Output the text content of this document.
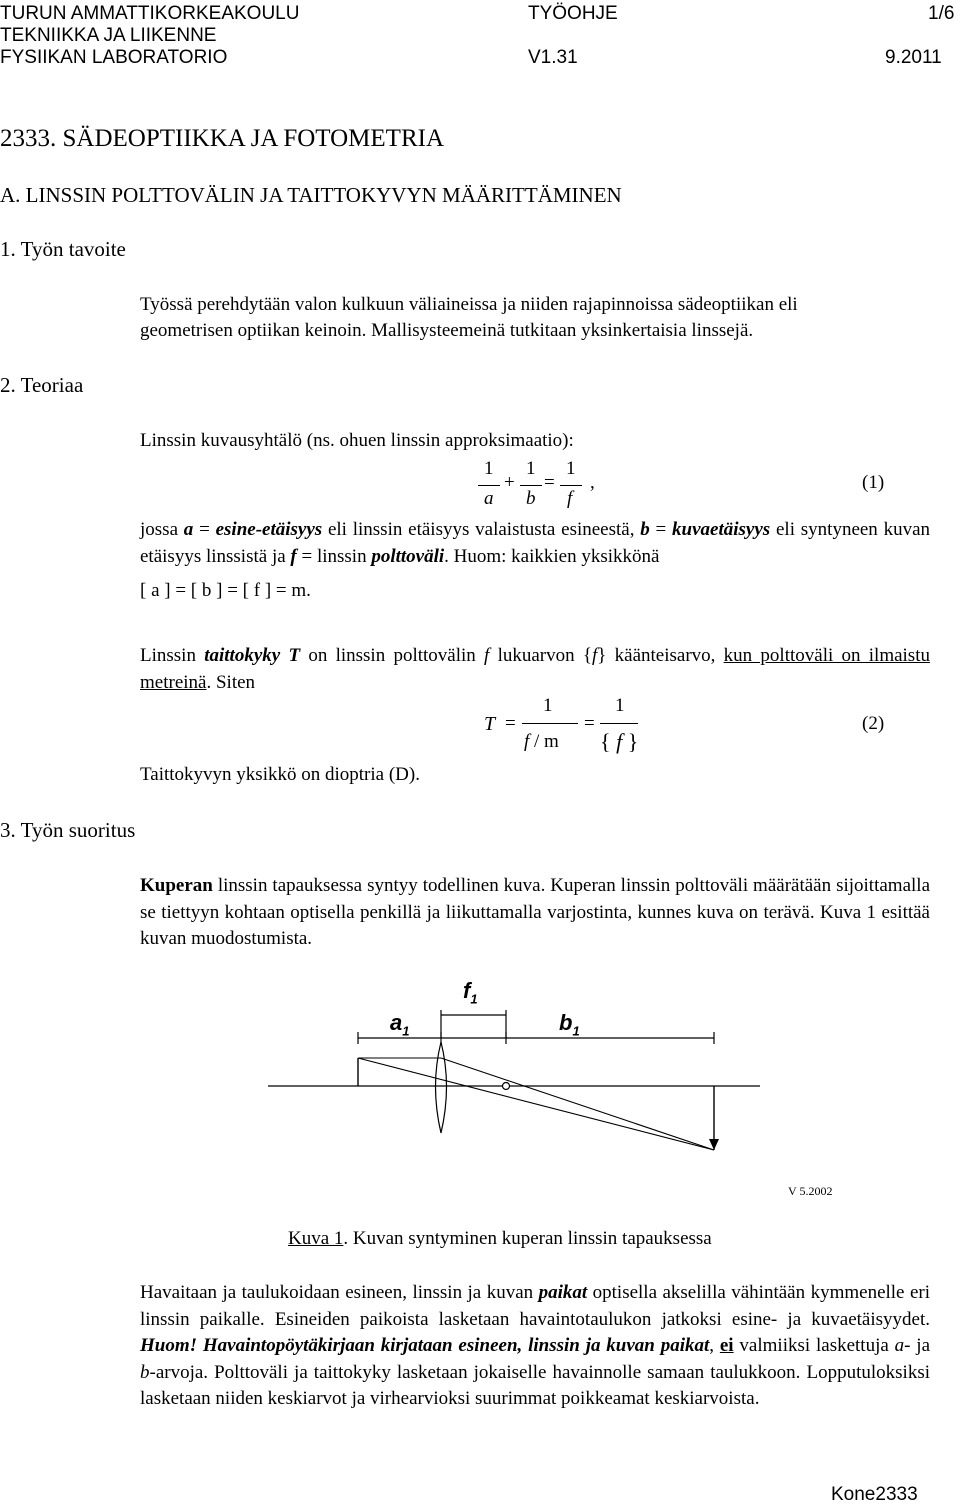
TURUN AMMATTIKORKEAKOULU	TYÖOHJE	1/6
TEKNIIKKA JA LIIKENNE
FYSIIKAN LABORATORIO	V1.31	9.2011
2333. SÄDEOPTIIKKA JA FOTOMETRIA
A. LINSSIN POLTTOVÄLIN JA TAITTOKYVYN MÄÄRITTÄMINEN
1. Työn tavoite
2. Teoriaa
3. Työn suoritus
Työssä perehdytään valon kulkuun väliaineissa ja niiden rajapinnoissa sädeoptiikan eli
geometrisen optiikan keinoin. Mallisysteemeinä tutkitaan yksinkertaisia linssejä.
Linssin kuvausyhtälö (ns. ohuen linssin approksimaatio):
1
a
+
1
b
=
1
f
,	(1)
jossa a = esine-etäisyys eli linssin etäisyys valaistusta esineestä, b = kuvaetäisyys eli syntyneen kuvan etäisyys linssistä ja f = linssin polttoväli. Huom: kaikkien yksikkönä
[ a ] = [ b ] = [ f ] = m.
Linssin taittokyky T on linssin polttovälin f lukuarvon {f} käänteisarvo, kun polttoväli on ilmaistu metreinä. Siten
T =
1
f / m
=
1
{ f }
(2)
Taittokyvyn yksikkö on dioptria (D).
Kuperan linssin tapauksessa syntyy todellinen kuva. Kuperan linssin polttoväli määrätään sijoittamalla se tiettyyn kohtaan optisella penkillä ja liikuttamalla varjostinta, kunnes kuva on terävä. Kuva 1 esittää kuvan muodostumista.
$f_1$
$a_1$	$b_1$
V 5.2002
Kuva 1. Kuvan syntyminen kuperan linssin tapauksessa
Havaitaan ja taulukoidaan esineen, linssin ja kuvan paikat optisella akselilla vähintään kymmenelle eri linssin paikalle. Esineiden paikoista lasketaan havaintotaulukon jatkoksi esine- ja kuvaetäisyydet. Huom! Havaintopöytäkirjaan kirjataan esineen, linssin ja kuvan paikat, ei valmiiksi laskettuja a- ja b-arvoja. Polttoväli ja taittokyky lasketaan jokaiselle havainnolle samaan taulukkoon. Lopputuloksiksi lasketaan niiden keskiarvot ja virhearvioksi suurimmat poikkeamat keskiarvoista.
Kone2333
